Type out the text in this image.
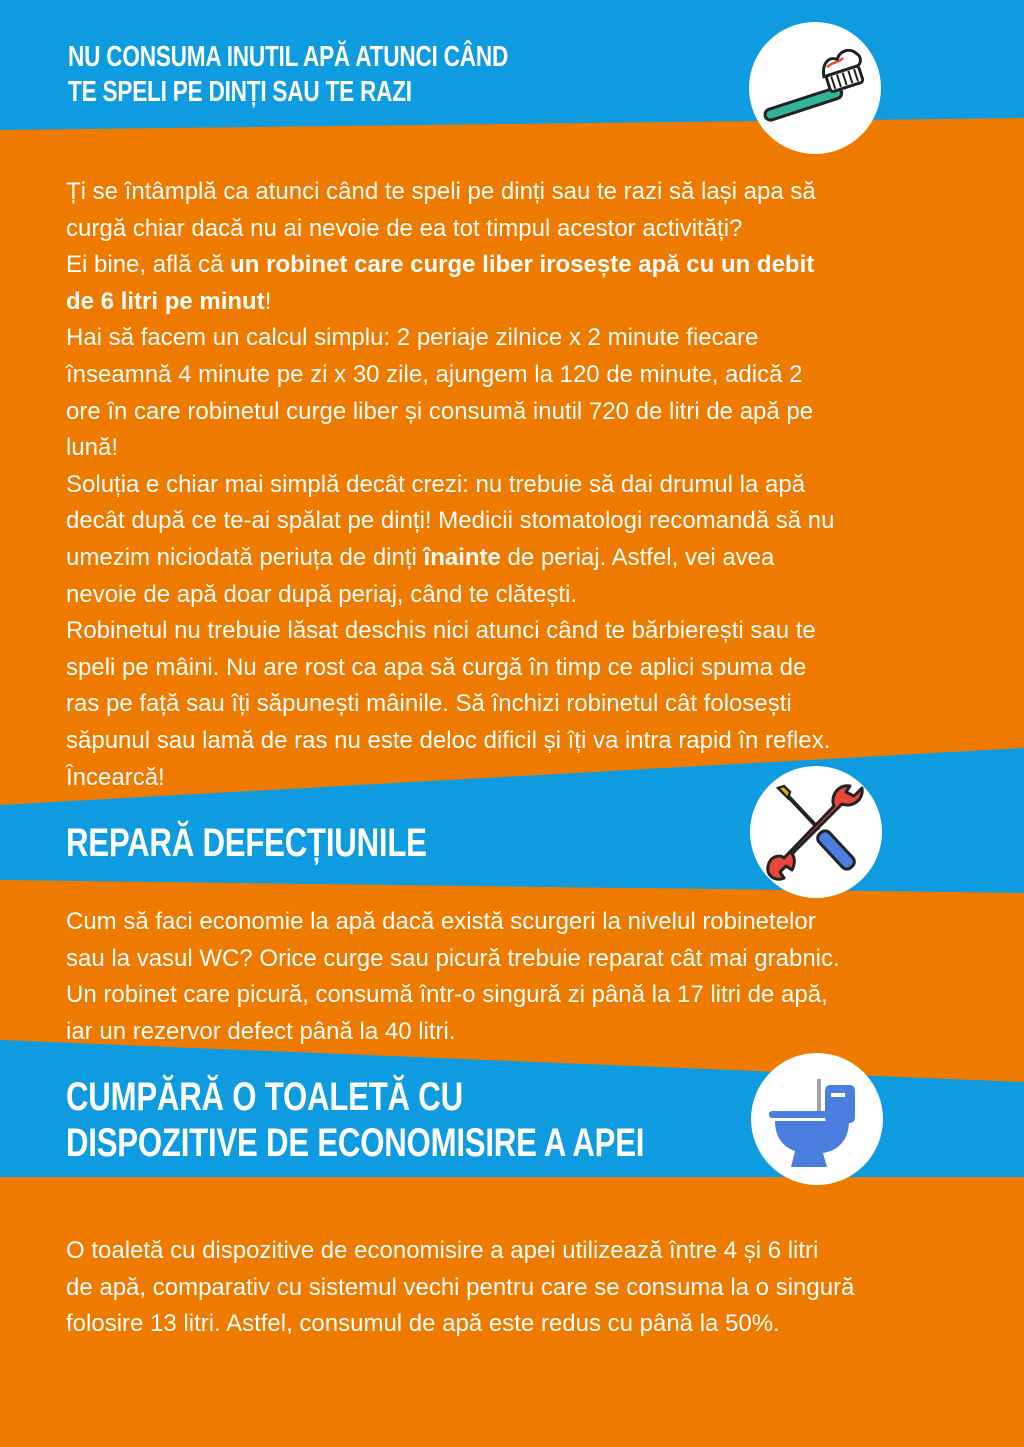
NU CONSUMA INUTIL APĂ ATUNCI CÂND
TE SPELI PE DINȚI SAU TE RAZI
Ți se întâmplă ca atunci când te speli pe dinți sau te razi să lași apa să
curgă chiar dacă nu ai nevoie de ea tot timpul acestor activități?
Ei bine, află că un robinet care curge liber irosește apă cu un debit
de 6 litri pe minut!
Hai să facem un calcul simplu: 2 periaje zilnice x 2 minute fiecare
înseamnă 4 minute pe zi x 30 zile, ajungem la 120 de minute, adică 2
ore în care robinetul curge liber și consumă inutil 720 de litri de apă pe
lună!
Soluția e chiar mai simplă decât crezi: nu trebuie să dai drumul la apă
decât după ce te-ai spălat pe dinți! Medicii stomatologi recomandă să nu
umezim niciodată periuța de dinți înainte de periaj. Astfel, vei avea
nevoie de apă doar după periaj, când te clătești.
Robinetul nu trebuie lăsat deschis nici atunci când te bărbierești sau te
speli pe mâini. Nu are rost ca apa să curgă în timp ce aplici spuma de
ras pe față sau îți săpunești mâinile. Să închizi robinetul cât folosești
săpunul sau lamă de ras nu este deloc dificil și îți va intra rapid în reflex.
Încearcă!
REPARĂ DEFECȚIUNILE
Cum să faci economie la apă dacă există scurgeri la nivelul robinetelor
sau la vasul WC? Orice curge sau picură trebuie reparat cât mai grabnic.
Un robinet care picură, consumă într-o singură zi până la 17 litri de apă,
iar un rezervor defect până la 40 litri.
CUMPĂRĂ O TOALETĂ CU
DISPOZITIVE DE ECONOMISIRE A APEI
O toaletă cu dispozitive de economisire a apei utilizează între 4 și 6 litri
de apă, comparativ cu sistemul vechi pentru care se consuma la o singură
folosire 13 litri. Astfel, consumul de apă este redus cu până la 50%.
